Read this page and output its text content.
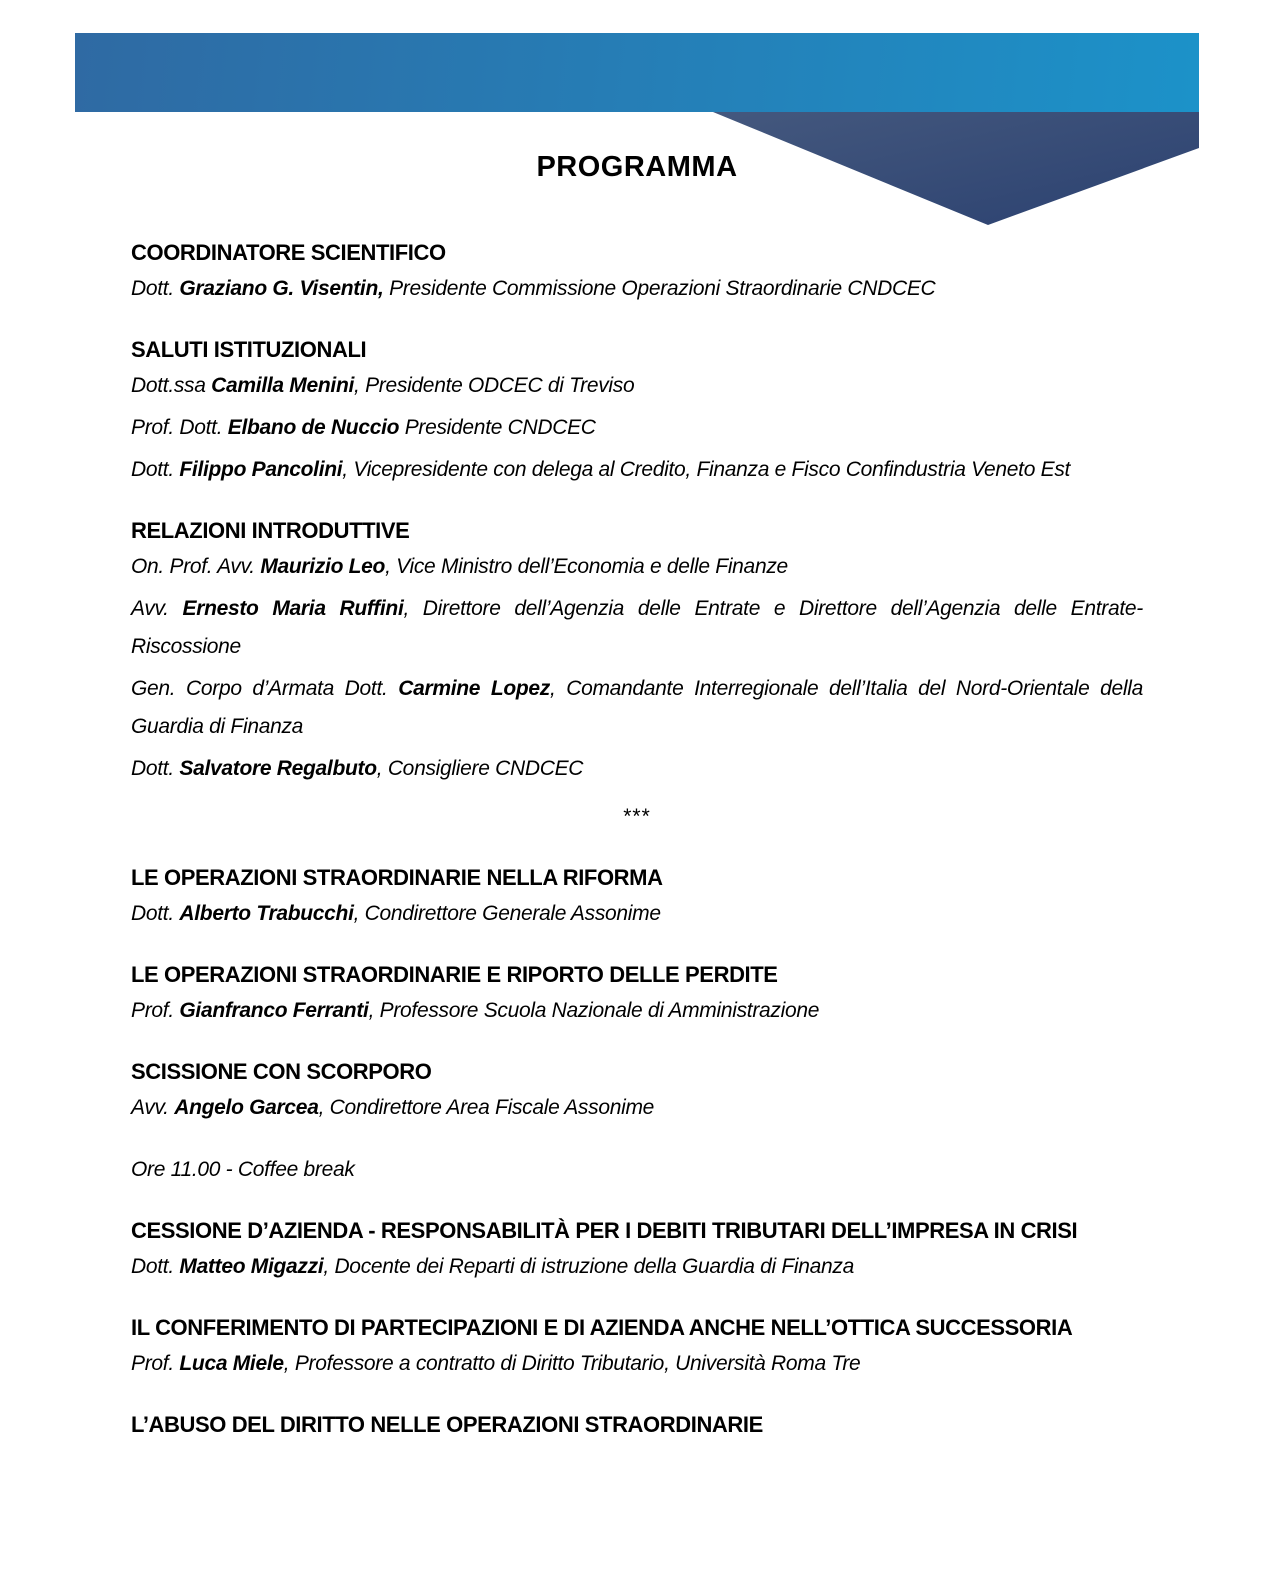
PROGRAMMA
COORDINATORE SCIENTIFICO

Dott. Graziano G. Visentin, Presidente Commissione Operazioni Straordinarie CNDCEC

SALUTI ISTITUZIONALI

Dott.ssa Camilla Menini, Presidente ODCEC di Treviso

Prof. Dott. Elbano de Nuccio Presidente CNDCEC

Dott. Filippo Pancolini, Vicepresidente con delega al Credito, Finanza e Fisco Confindustria Veneto Est

RELAZIONI INTRODUTTIVE

On. Prof. Avv. Maurizio Leo, Vice Ministro dell’Economia e delle Finanze

Avv. Ernesto Maria Ruffini, Direttore dell’Agenzia delle Entrate e Direttore dell’Agenzia delle Entrate-Riscossione

Gen. Corpo d’Armata Dott. Carmine Lopez, Comandante Interregionale dell’Italia del Nord-Orientale della Guardia di Finanza

Dott. Salvatore Regalbuto, Consigliere CNDCEC

***
LE OPERAZIONI STRAORDINARIE NELLA RIFORMA

Dott. Alberto Trabucchi, Condirettore Generale Assonime

LE OPERAZIONI STRAORDINARIE E RIPORTO DELLE PERDITE

Prof. Gianfranco Ferranti, Professore Scuola Nazionale di Amministrazione

SCISSIONE CON SCORPORO

Avv. Angelo Garcea, Condirettore Area Fiscale Assonime

Ore 11.00 - Coffee break

CESSIONE D’AZIENDA - RESPONSABILITÀ PER I DEBITI TRIBUTARI DELL’IMPRESA IN CRISI

Dott. Matteo Migazzi, Docente dei Reparti di istruzione della Guardia di Finanza

IL CONFERIMENTO DI PARTECIPAZIONI E DI AZIENDA ANCHE NELL’OTTICA SUCCESSORIA

Prof. Luca Miele, Professore a contratto di Diritto Tributario, Università Roma Tre

L’ABUSO DEL DIRITTO NELLE OPERAZIONI STRAORDINARIE
